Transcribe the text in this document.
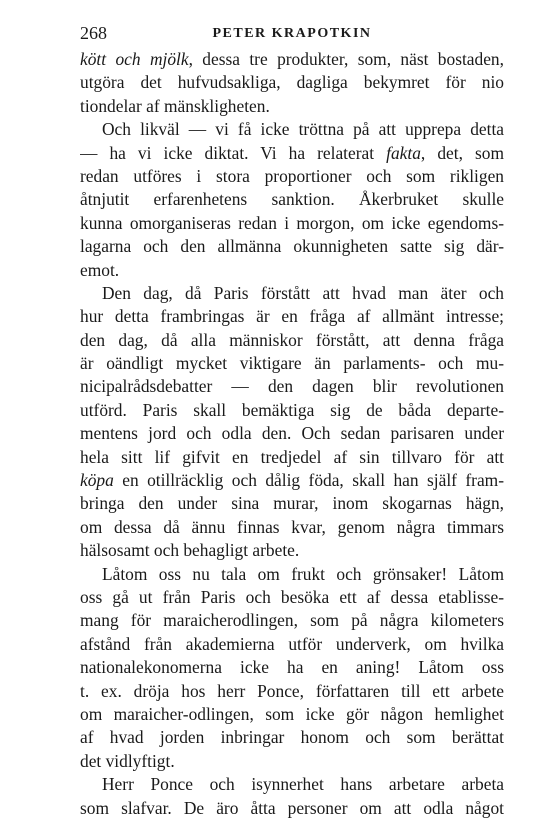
268	PETER KRAPOTKIN
kött och mjölk, dessa tre produkter, som, näst bostaden,
utgöra det hufvudsakliga, dagliga bekymret för nio
tiondelar af mänskligheten.
Och likväl — vi få icke tröttna på att upprepa detta
— ha vi icke diktat. Vi ha relaterat fakta, det, som
redan utföres i stora proportioner och som rikligen
åtnjutit erfarenhetens sanktion. Åkerbruket skulle
kunna omorganiseras redan i morgon, om icke egendoms-
lagarna och den allmänna okunnigheten satte sig där-
emot.
Den dag, då Paris förstått att hvad man äter och
hur detta frambringas är en fråga af allmänt intresse;
den dag, då alla människor förstått, att denna fråga
är oändligt mycket viktigare än parlaments- och mu-
nicipalrådsdebatter — den dagen blir revolutionen
utförd. Paris skall bemäktiga sig de båda departe-
mentens jord och odla den. Och sedan parisaren under
hela sitt lif gifvit en tredjedel af sin tillvaro för att
köpa en otillräcklig och dålig föda, skall han själf fram-
bringa den under sina murar, inom skogarnas hägn,
om dessa då ännu finnas kvar, genom några timmars
hälsosamt och behagligt arbete.
Låtom oss nu tala om frukt och grönsaker! Låtom
oss gå ut från Paris och besöka ett af dessa etablisse-
mang för maraicherodlingen, som på några kilometers
afstånd från akademierna utför underverk, om hvilka
nationalekonomerna icke ha en aning! Låtom oss
t. ex. dröja hos herr Ponce, författaren till ett arbete
om maraicher-odlingen, som icke gör någon hemlighet
af hvad jorden inbringar honom och som berättat
det vidlyftigt.
Herr Ponce och isynnerhet hans arbetare arbeta
som slafvar. De äro åtta personer om att odla något
